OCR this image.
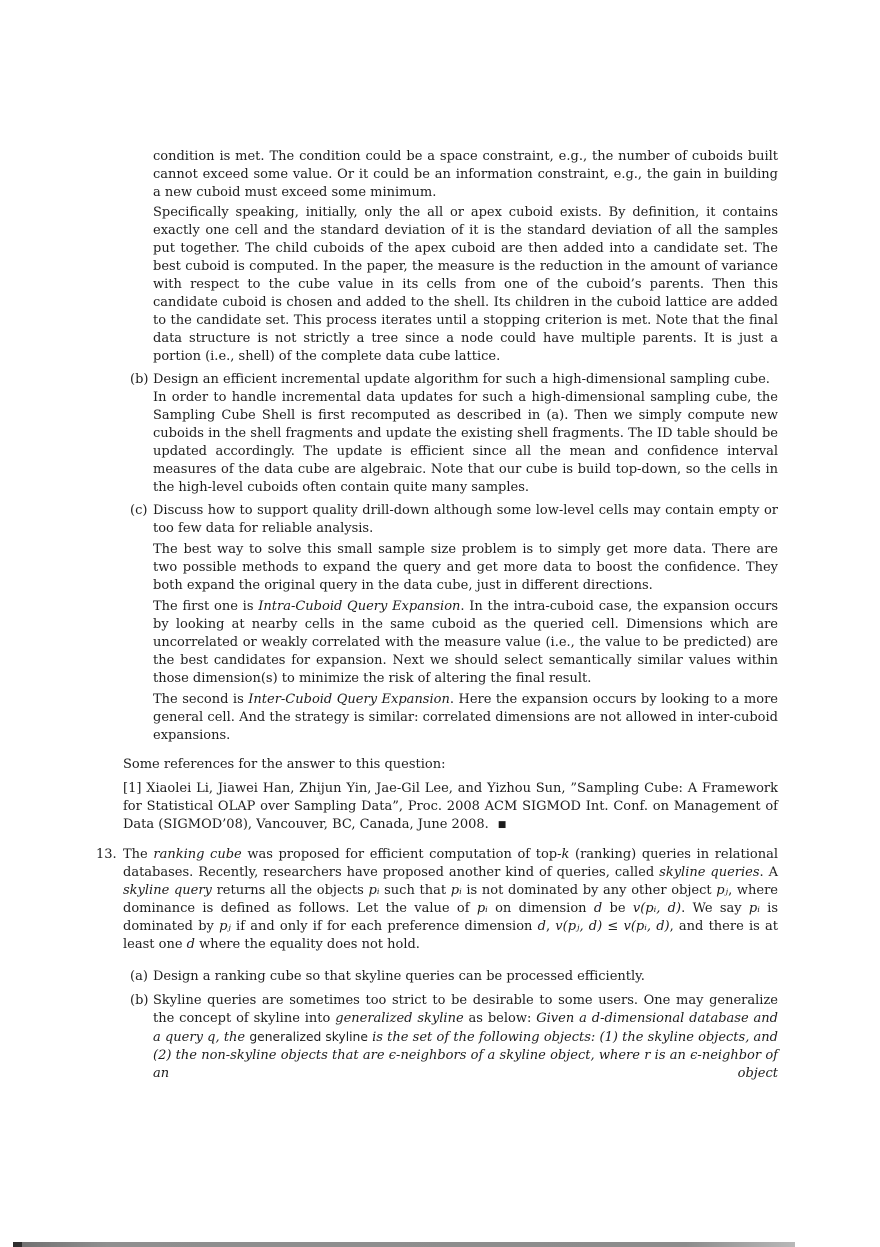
condition is met. The condition could be a space constraint, e.g., the number of cuboids built cannot exceed some value. Or it could be an information constraint, e.g., the gain in building a new cuboid must exceed some minimum.

Specifically speaking, initially, only the all or apex cuboid exists. By definition, it contains exactly one cell and the standard deviation of it is the standard deviation of all the samples put together. The child cuboids of the apex cuboid are then added into a candidate set. The best cuboid is computed. In the paper, the measure is the reduction in the amount of variance with respect to the cube value in its cells from one of the cuboid’s parents. Then this candidate cuboid is chosen and added to the shell. Its children in the cuboid lattice are added to the candidate set. This process iterates until a stopping criterion is met. Note that the final data structure is not strictly a tree since a node could have multiple parents. It is just a portion (i.e., shell) of the complete data cube lattice.

(b) Design an efficient incremental update algorithm for such a high-dimensional sampling cube.

In order to handle incremental data updates for such a high-dimensional sampling cube, the Sampling Cube Shell is first recomputed as described in (a). Then we simply compute new cuboids in the shell fragments and update the existing shell fragments. The ID table should be updated accordingly. The update is efficient since all the mean and confidence interval measures of the data cube are algebraic. Note that our cube is build top-down, so the cells in the high-level cuboids often contain quite many samples.

(c) Discuss how to support quality drill-down although some low-level cells may contain empty or too few data for reliable analysis.

The best way to solve this small sample size problem is to simply get more data. There are two possible methods to expand the query and get more data to boost the confidence. They both expand the original query in the data cube, just in different directions.

The first one is Intra-Cuboid Query Expansion. In the intra-cuboid case, the expansion occurs by looking at nearby cells in the same cuboid as the queried cell. Dimensions which are uncorrelated or weakly correlated with the measure value (i.e., the value to be predicted) are the best candidates for expansion. Next we should select semantically similar values within those dimension(s) to minimize the risk of altering the final result.

The second is Inter-Cuboid Query Expansion. Here the expansion occurs by looking to a more general cell. And the strategy is similar: correlated dimensions are not allowed in inter-cuboid expansions.

Some references for the answer to this question:

[1] Xiaolei Li, Jiawei Han, Zhijun Yin, Jae-Gil Lee, and Yizhou Sun, ”Sampling Cube: A Framework for Statistical OLAP over Sampling Data”, Proc. 2008 ACM SIGMOD Int. Conf. on Management of Data (SIGMOD’08), Vancouver, BC, Canada, June 2008. ■

13. The ranking cube was proposed for efficient computation of top-k (ranking) queries in relational databases. Recently, researchers have proposed another kind of queries, called skyline queries. A skyline query returns all the objects pᵢ such that pᵢ is not dominated by any other object pⱼ, where dominance is defined as follows. Let the value of pᵢ on dimension d be v(pᵢ, d). We say pᵢ is dominated by pⱼ if and only if for each preference dimension d, v(pⱼ, d) ≤ v(pᵢ, d), and there is at least one d where the equality does not hold.

(a) Design a ranking cube so that skyline queries can be processed efficiently.

(b) Skyline queries are sometimes too strict to be desirable to some users. One may generalize the concept of skyline into generalized skyline as below: Given a d-dimensional database and a query q, the generalized skyline is the set of the following objects: (1) the skyline objects, and (2) the non-skyline objects that are ϵ-neighbors of a skyline object, where r is an ϵ-neighbor of an object
